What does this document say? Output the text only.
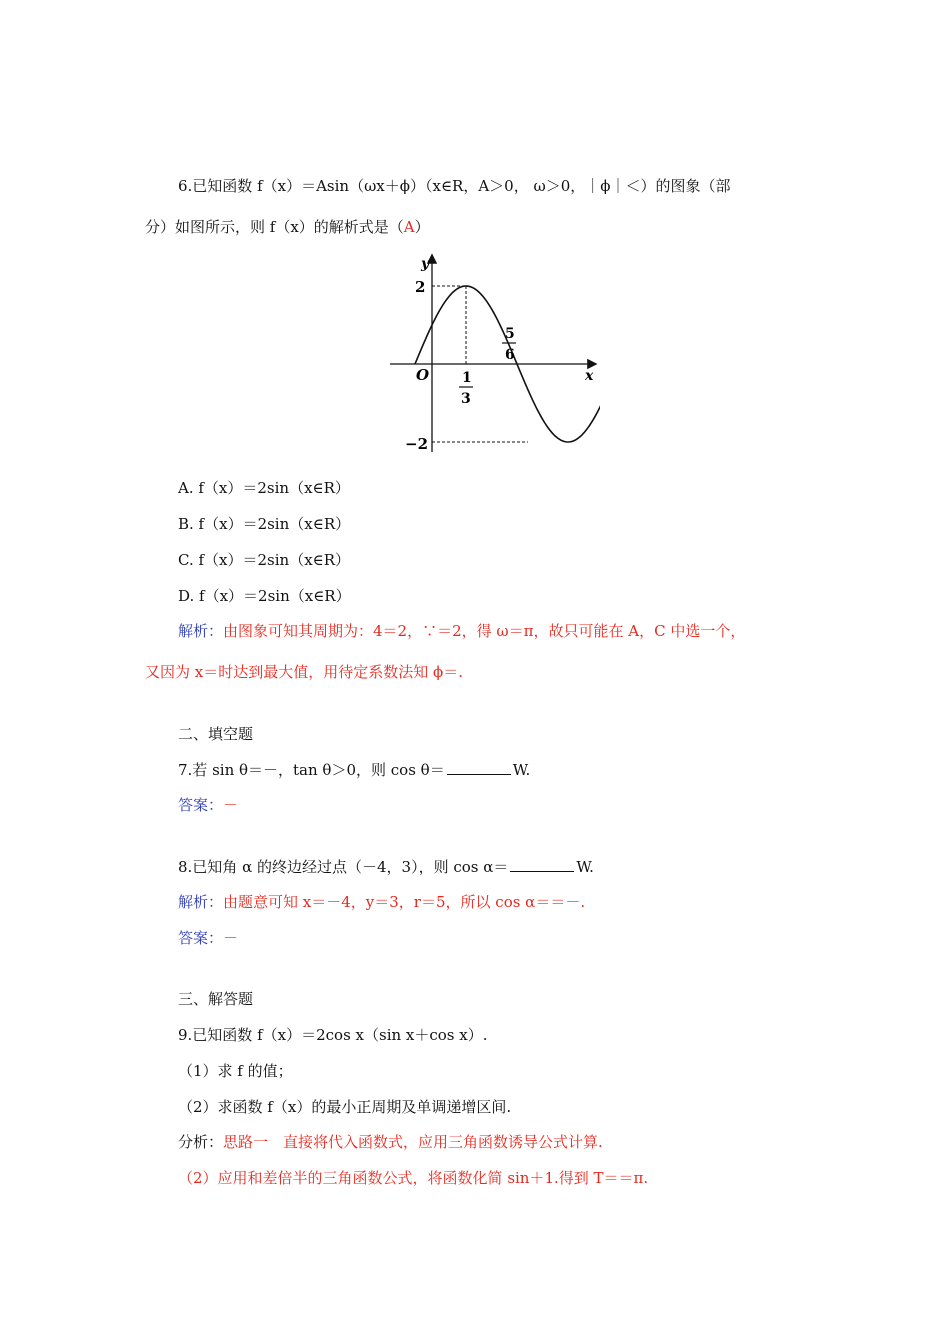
6.已知函数 f（x）＝Asin（ωx＋ϕ）（x∈R，A＞0， ω＞0，｜ϕ｜＜）的图象（部
分）如图所示，则 f（x）的解析式是（A）
y
x
O
2
−2
1
3
5
6
A. f（x）＝2sin（x∈R）
B. f（x）＝2sin（x∈R）
C. f（x）＝2sin（x∈R）
D. f（x）＝2sin（x∈R）
解析：由图象可知其周期为：4＝2，∵＝2，得 ω＝π，故只可能在 A，C 中选一个，
又因为 x＝时达到最大值，用待定系数法知 ϕ＝.
二、填空题
7.若 sin θ＝－，tan θ＞0，则 cos θ＝	W.
答案：－
8.已知角 α 的终边经过点（－4，3），则 cos α＝	W.
解析：由题意可知 x＝－4，y＝3，r＝5，所以 cos α＝＝－.
答案：－
三、解答题
9.已知函数 f（x）＝2cos x（sin x＋cos x）.
（1）求 f 的值；
（2）求函数 f（x）的最小正周期及单调递增区间.
分析：思路一　直接将代入函数式，应用三角函数诱导公式计算.
（2）应用和差倍半的三角函数公式，将函数化简 sin＋1.得到 T＝＝π.
